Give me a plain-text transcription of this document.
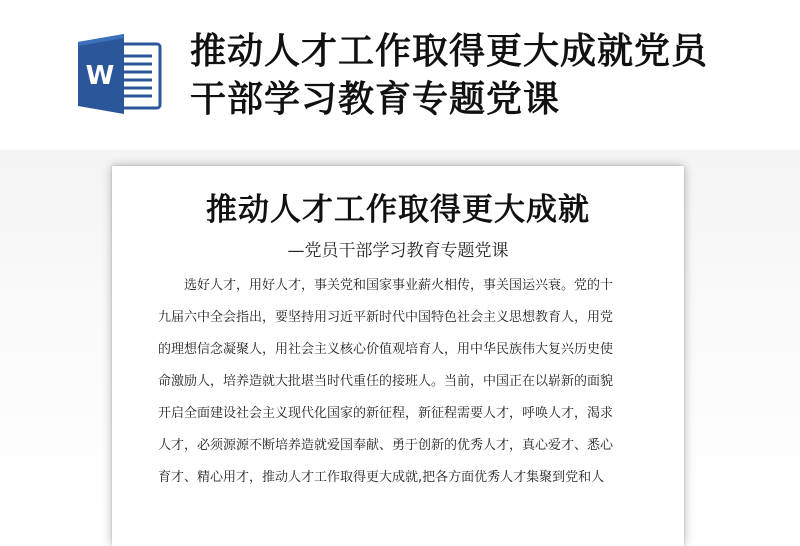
W
推动人才工作取得更大成就党员
干部学习教育专题党课
推动人才工作取得更大成就
—党员干部学习教育专题党课
选好人才，用好人才，事关党和国家事业薪火相传，事关国运兴衰。党的十
九届六中全会指出，要坚持用习近平新时代中国特色社会主义思想教育人，用党
的理想信念凝聚人，用社会主义核心价值观培育人，用中华民族伟大复兴历史使
命激励人，培养造就大批堪当时代重任的接班人。当前，中国正在以崭新的面貌
开启全面建设社会主义现代化国家的新征程，新征程需要人才，呼唤人才，渴求
人才，必须源源不断培养造就爱国奉献、勇于创新的优秀人才，真心爱才、悉心
育才、精心用才，推动人才工作取得更大成就,把各方面优秀人才集聚到党和人
